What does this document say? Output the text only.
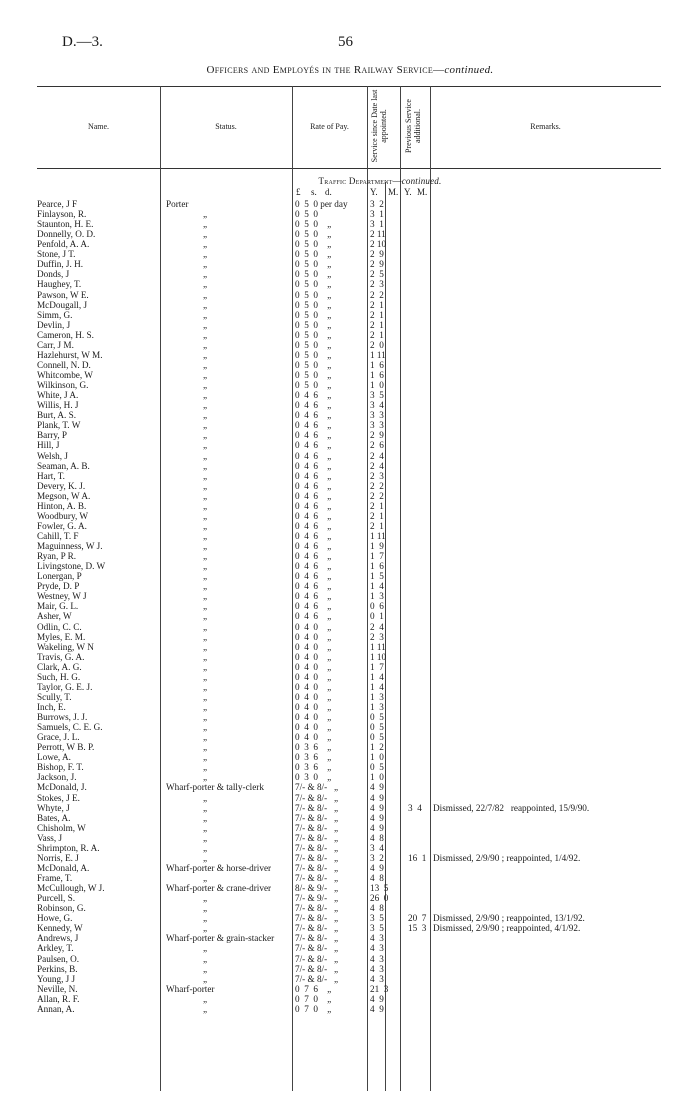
D.—3.	56
Officers and Employés in the Railway Service—continued.
Name.	Status.	Rate of Pay.	Service since Date last appointed. Previous Service additional.	Remarks.
Traffic Department—continued.
£ s. d.	Y. M. Y. M.
Pearce, J F	Porter	0  5  0 per day 3  2
Finlayson, R.	„	0  5  0	3  1
Staunton, H. E.	„	0  5  0    „	3  1
Donnelly, O. D.	„	0  5  0    „	2 11
Penfold, A. A.	„	0  5  0    „	2 10
Stone, J T.	„	0  5  0    „	2  9
Duffin, J. H.	„	0  5  0    „	2  9
Donds, J	„	0  5  0    „	2  5
Haughey, T.	„	0  5  0    „	2  3
Pawson, W E.	„	0  5  0    „	2  2
McDougall, J	„	0  5  0    „	2  1
Simm, G.	„	0  5  0    „	2  1
Devlin, J	„	0  5  0    „	2  1
Cameron, H. S.	„	0  5  0    „	2  1
Carr, J M.	„	0  5  0    „	2  0
Hazlehurst, W M.	„	0  5  0    „	1 11
Connell, N. D.	„	0  5  0    „	1  6
Whitcombe, W	„	0  5  0    „	1  6
Wilkinson, G.	„	0  5  0    „	1  0
White, J A.	„	0  4  6    „	3  5
Willis, H. J	„	0  4  6    „	3  4
Burt, A. S.	„	0  4  6    „	3  3
Plank, T. W	„	0  4  6    „	3  3
Barry, P	„	0  4  6    „	2  9
Hill, J	„	0  4  6    „	2  6
Welsh, J	„	0  4  6    „	2  4
Seaman, A. B.	„	0  4  6    „	2  4
Hart, T.	„	0  4  6    „	2  3
Devery, K. J.	„	0  4  6    „	2  2
Megson, W A.	„	0  4  6    „	2  2
Hinton, A. B.	„	0  4  6    „	2  1
Woodbury, W	„	0  4  6    „	2  1
Fowler, G. A.	„	0  4  6    „	2  1
Cahill, T. F	„	0  4  6    „	1 11
Maguinness, W J.	„	0  4  6    „	1  9
Ryan, P R.	„	0  4  6    „	1  7
Livingstone, D. W	„	0  4  6    „	1  6
Lonergan, P	„	0  4  6    „	1  5
Pryde, D. P	„	0  4  6    „	1  4
Westney, W J	„	0  4  6    „	1  3
Mair, G. L.	„	0  4  6    „	0  6
Asher, W	„	0  4  6    „	0  1
Odlin, C. C.	„	0  4  0    „	2  4
Myles, E. M.	„	0  4  0    „	2  3
Wakeling, W N	„	0  4  0    „	1 11
Travis, G. A.	„	0  4  0    „	1 10
Clark, A. G.	„	0  4  0    „	1  7
Such, H. G.	„	0  4  0    „	1  4
Taylor, G. E. J.	„	0  4  0    „	1  4
Scully, T.	„	0  4  0    „	1  3
Inch, E.	„	0  4  0    „	1  3
Burrows, J. J.	„	0  4  0    „	0  5
Samuels, C. E. G.	„	0  4  0    „	0  5
Grace, J. L.	„	0  4  0    „	0  5
Perrott, W B. P.	„	0  3  6    „	1  2
Lowe, A.	„	0  3  6    „	1  0
Bishop, F. T.	„	0  3  6    „	0  5
Jackson, J.	„	0  3  0    „	1  0
McDonald, J.	Wharf-porter & tally-clerk	7/- & 8/-   „	4  9
Stokes, J E.	„	7/- & 8/-   „	4  9
Whyte, J	„	7/- & 8/-   „	4  9	3  4 Dismissed, 22/7/82   reappointed, 15/9/90.
Bates, A.	„	7/- & 8/-   „	4  9
Chisholm, W	„	7/- & 8/-   „	4  9
Vass, J	„	7/- & 8/-   „	4  8
Shrimpton, R. A.	„	7/- & 8/-   „	3  4
Norris, E. J	„	7/- & 8/-   „	3  2	16  1 Dismissed, 2/9/90 ; reappointed, 1/4/92.
McDonald, A.	Wharf-porter & horse-driver	7/- & 8/-   „	4  9
Frame, T.	„	7/- & 8/-   „	4  8
McCullough, W J.	Wharf-porter & crane-driver	8/- & 9/-   „	13  5
Purcell, S.	„	7/- & 9/-   „	26  0
Robinson, G.	„	7/- & 8/-   „	4  8
Howe, G.	„	7/- & 8/-   „	3  5	20  7 Dismissed, 2/9/90 ; reappointed, 13/1/92.
Kennedy, W	„	7/- & 8/-   „	3  5	15  3 Dismissed, 2/9/90 ; reappointed, 4/1/92.
Andrews, J	Wharf-porter & grain-stacker 7/- & 8/-   „	4  3
Arkley, T.	„	7/- & 8/-   „	4  3
Paulsen, O.	„	7/- & 8/-   „	4  3
Perkins, B.	„	7/- & 8/-   „	4  3
Young, J J	„	7/- & 8/-   „	4  3
Neville, N.	Wharf-porter	0  7  6    „	21  3
Allan, R. F.	„	0  7  0    „	4  9
Annan, A.	„	0  7  0    „	4  9
